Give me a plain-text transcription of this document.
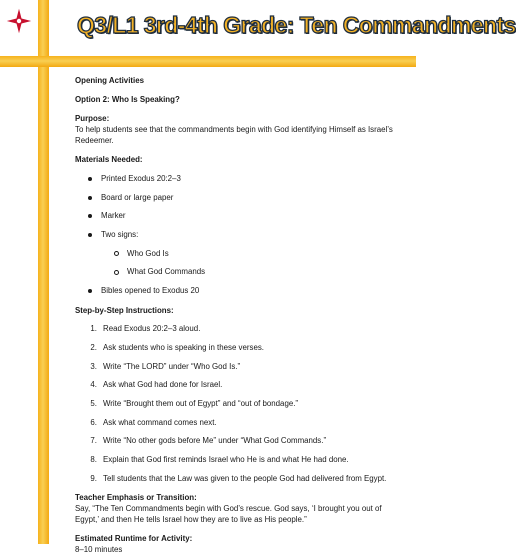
Q3/L1 3rd-4th Grade: Ten Commandments

Opening Activities

Option 2: Who Is Speaking?

Purpose:

To help students see that the commandments begin with God identifying Himself as Israel’s Redeemer.

Materials Needed:

Printed Exodus 20:2–3
Board or large paper
Marker
Two signs:
Who God Is
What God Commands
Bibles opened to Exodus 20

Step-by-Step Instructions:

1. Read Exodus 20:2–3 aloud.
2. Ask students who is speaking in these verses.
3. Write “The LORD” under “Who God Is.”
4. Ask what God had done for Israel.
5. Write “Brought them out of Egypt” and “out of bondage.”
6. Ask what command comes next.
7. Write “No other gods before Me” under “What God Commands.”
8. Explain that God first reminds Israel who He is and what He had done.
9. Tell students that the Law was given to the people God had delivered from Egypt.

Teacher Emphasis or Transition:

Say, “The Ten Commandments begin with God’s rescue. God says, ‘I brought you out of Egypt,’ and then He tells Israel how they are to live as His people.”

Estimated Runtime for Activity:

8–10 minutes
